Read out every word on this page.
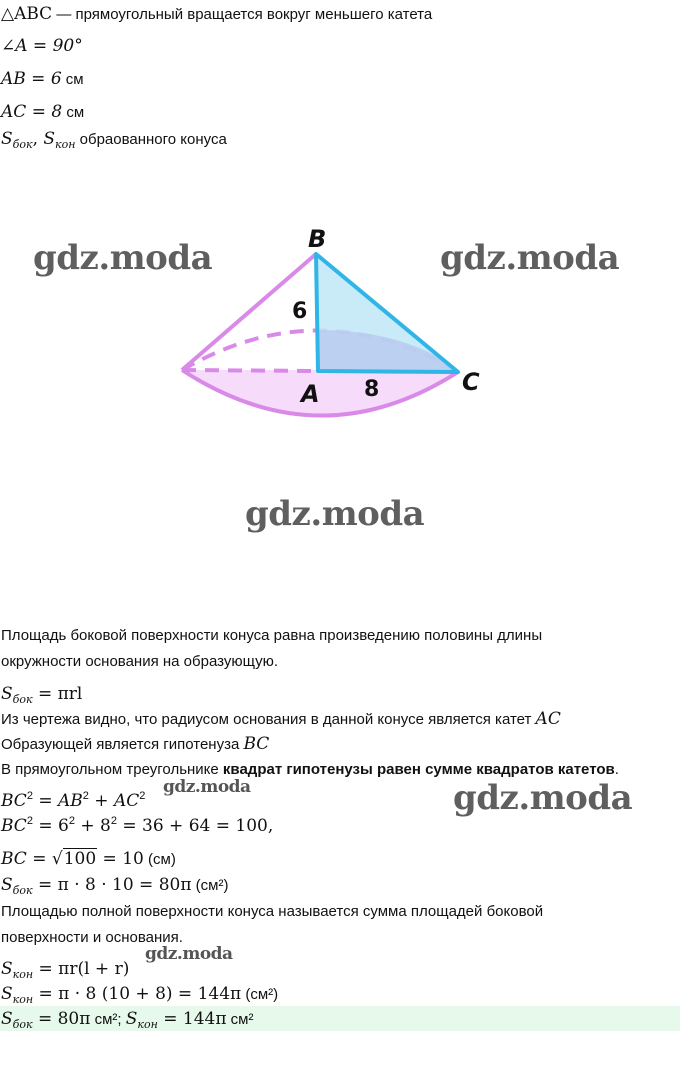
△ABC — прямоугольный вращается вокруг меньшего катета
∠A = 90°
AB = 6 см
AC = 8 см
$S_{бок}$, $S_{кон}$ обраованного конуса
B
A	C
6
8
gdz.moda	gdz.moda
gdz.moda
gdz.moda
gdz.moda
gdz.moda
Площадь боковой поверхности конуса равна произведению половины длины
окружности основания на образующую.
$S_{бок} = \pi rl$
Из чертежа видно, что радиусом основания в данной конусе является катет AC
Образующей является гипотенуза BC
В прямоугольном треугольнике квадрат гипотенузы равен сумме квадратов катетов.
$BC^2 = AB^2 + AC^2$
$BC^2 = 6^2 + 8^2 = 36 + 64 = 100$,
BC = √100 = 10 (см)
$S_{бок} = \pi \cdot 8 \cdot 10 = 80\pi$ (см²)
Площадью полной поверхности конуса называется сумма площадей боковой
поверхности и основания.
$S_{кон} = \pi r(l + r)$
$S_{кон} = \pi \cdot 8$ (10 + 8) = 144π (см²)
$S_{бок} = 80\pi$ см²; $S_{кон} = 144\pi$ см²
